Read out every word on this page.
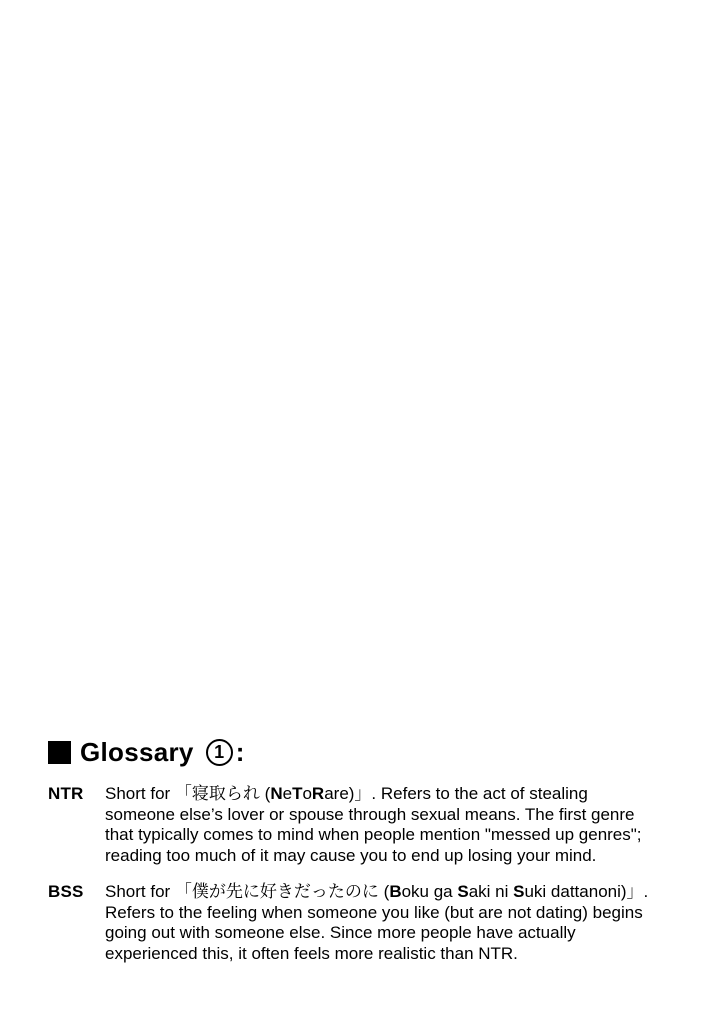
Glossary	1 :
NTR	Short for 「寝取られ (NeToRare)」. Refers to the act of stealing
someone else’s lover or spouse through sexual means. The first genre
that typically comes to mind when people mention "messed up genres";
reading too much of it may cause you to end up losing your mind.
BSS	Short for 「僕が先に好きだったのに (Boku ga Saki ni Suki dattanoni)」.
Refers to the feeling when someone you like (but are not dating) begins
going out with someone else. Since more people have actually
experienced this, it often feels more realistic than NTR.
